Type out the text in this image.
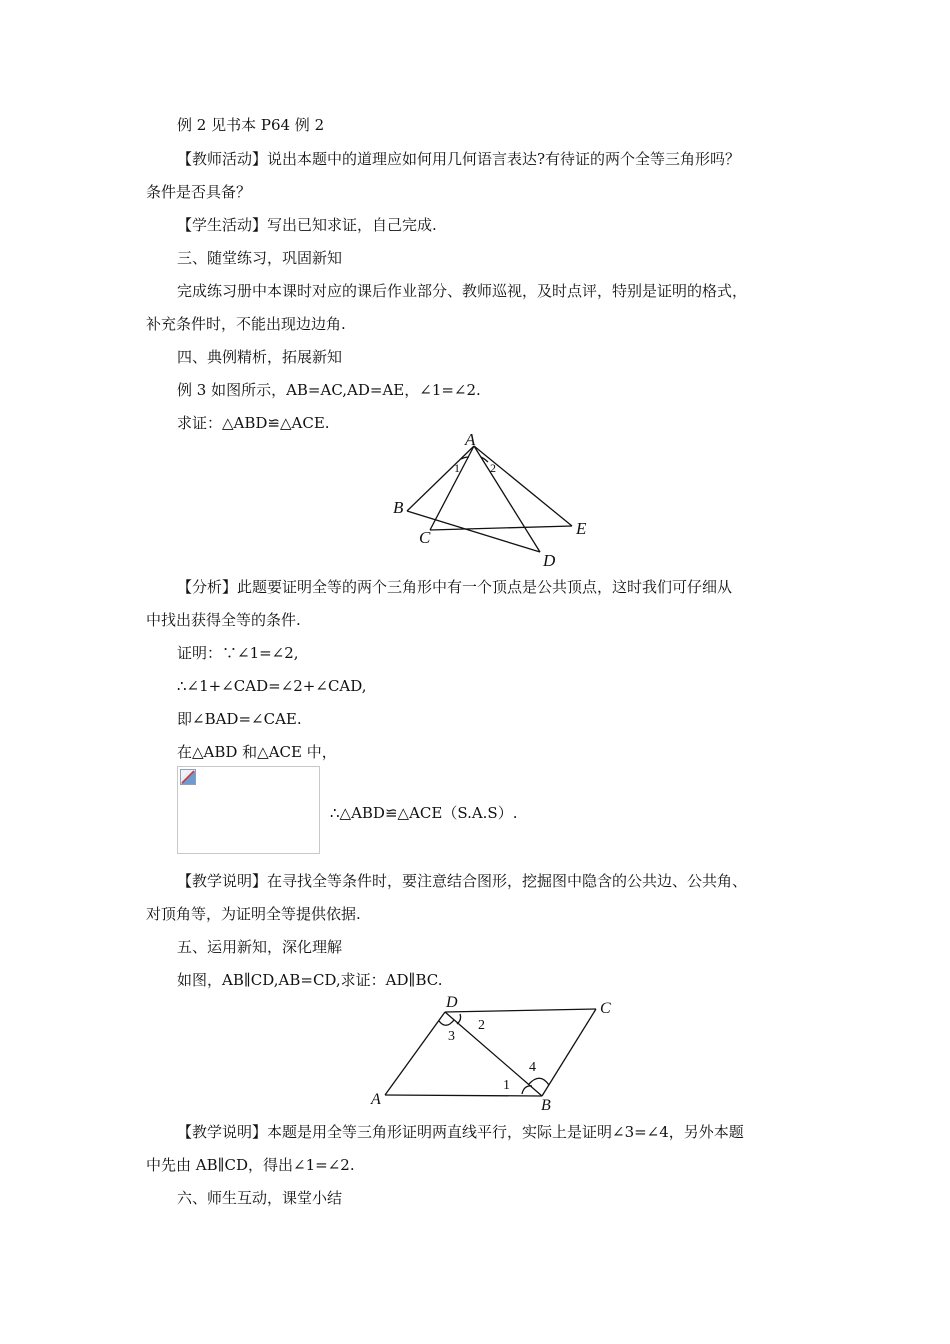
例 2 见书本 P64 例 2
【教师活动】说出本题中的道理应如何用几何语言表达?有待证的两个全等三角形吗？
条件是否具备？
【学生活动】写出已知求证，自己完成.
三、随堂练习，巩固新知
完成练习册中本课时对应的课后作业部分、教师巡视，及时点评，特别是证明的格式，
补充条件时，不能出现边边角.
四、典例精析，拓展新知
例 3 如图所示，AB=AC,AD=AE，∠1=∠2.
求证：△ABD≌△ACE.
A
B
C
D
E
1	2
【分析】此题要证明全等的两个三角形中有一个顶点是公共顶点，这时我们可仔细从
中找出获得全等的条件.
证明：∵∠1=∠2,
∴∠1+∠CAD=∠2+∠CAD,
即∠BAD=∠CAE.
在△ABD 和△ACE 中，
∴△ABD≌△ACE（S.A.S）.
【教学说明】在寻找全等条件时，要注意结合图形，挖掘图中隐含的公共边、公共角、
对顶角等，为证明全等提供依据.
五、运用新知，深化理解
如图，AB∥CD,AB=CD,求证：AD∥BC.
D	C
A	B
1
2
3
4
【教学说明】本题是用全等三角形证明两直线平行，实际上是证明∠3=∠4，另外本题
中先由 AB∥CD，得出∠1=∠2.
六、师生互动，课堂小结
